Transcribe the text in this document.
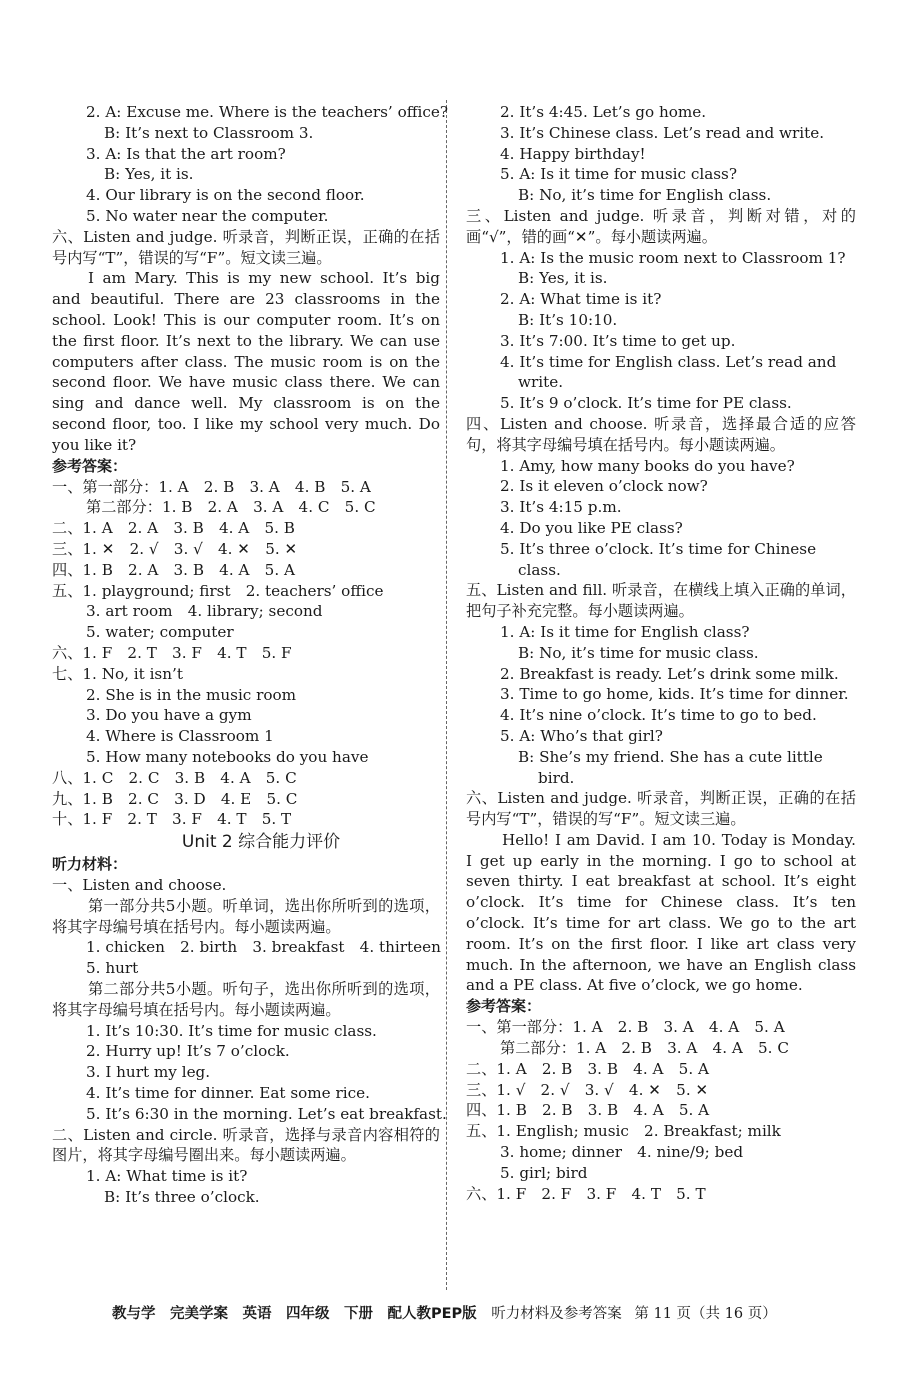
2. A: Excuse me. Where is the teachers’ office?
B: It’s next to Classroom 3.
3. A: Is that the art room?
B: Yes, it is.
4. Our library is on the second floor.
5. No water near the computer.
六、Listen and judge. 听录音，判断正误，正确的在括号内写“T”，错误的写“F”。短文读三遍。
I am Mary. This is my new school. It’s big and beautiful. There are 23 classrooms in the school. Look! This is our computer room. It’s on the first floor. It’s next to the library. We can use computers after class. The music room is on the second floor. We have music class there. We can sing and dance well. My classroom is on the second floor, too. I like my school very much. Do you like it?
参考答案：
一、第一部分：1. A　2. B　3. A　4. B　5. A
第二部分：1. B　2. A　3. A　4. C　5. C
二、1. A　2. A　3. B　4. A　5. B
三、1. ✕　2. √　3. √　4. ✕　5. ✕
四、1. B　2. A　3. B　4. A　5. A
五、1. playground; first　2. teachers’ office
3. art room　4. library; second
5. water; computer
六、1. F　2. T　3. F　4. T　5. F
七、1. No, it isn’t
2. She is in the music room
3. Do you have a gym
4. Where is Classroom 1
5. How many notebooks do you have
八、1. C　2. C　3. B　4. A　5. C
九、1. B　2. C　3. D　4. E　5. C
十、1. F　2. T　3. F　4. T　5. T
Unit 2 综合能力评价
听力材料：
一、Listen and choose.
第一部分共5小题。听单词，选出你所听到的选项，将其字母编号填在括号内。每小题读两遍。
1. chicken　2. birth　3. breakfast　4. thirteen
5. hurt
第二部分共5小题。听句子，选出你所听到的选项，将其字母编号填在括号内。每小题读两遍。
1. It’s 10:30. It’s time for music class.
2. Hurry up! It’s 7 o’clock.
3. I hurt my leg.
4. It’s time for dinner. Eat some rice.
5. It’s 6:30 in the morning. Let’s eat breakfast.
二、Listen and circle. 听录音，选择与录音内容相符的图片，将其字母编号圈出来。每小题读两遍。
1. A: What time is it?
B: It’s three o’clock.
2. It’s 4:45. Let’s go home.
3. It’s Chinese class. Let’s read and write.
4. Happy birthday!
5. A: Is it time for music class?
B: No, it’s time for English class.
三、Listen and judge. 听录音，判断对错，对的画“√”，错的画“✕”。每小题读两遍。
1. A: Is the music room next to Classroom 1?
B: Yes, it is.
2. A: What time is it?
B: It’s 10:10.
3. It’s 7:00. It’s time to get up.
4. It’s time for English class. Let’s read and
write.
5. It’s 9 o’clock. It’s time for PE class.
四、Listen and choose. 听录音，选择最合适的应答句，将其字母编号填在括号内。每小题读两遍。
1. Amy, how many books do you have?
2. Is it eleven o’clock now?
3. It’s 4:15 p.m.
4. Do you like PE class?
5. It’s three o’clock. It’s time for Chinese
class.
五、Listen and fill. 听录音，在横线上填入正确的单词，把句子补充完整。每小题读两遍。
1. A: Is it time for English class?
B: No, it’s time for music class.
2. Breakfast is ready. Let’s drink some milk.
3. Time to go home, kids. It’s time for dinner.
4. It’s nine o’clock. It’s time to go to bed.
5. A: Who’s that girl?
B: She’s my friend. She has a cute little
bird.
六、Listen and judge. 听录音，判断正误，正确的在括号内写“T”，错误的写“F”。短文读三遍。
Hello! I am David. I am 10. Today is Monday. I get up early in the morning. I go to school at seven thirty. I eat breakfast at school. It’s eight o’clock. It’s time for Chinese class. It’s ten o’clock. It’s time for art class. We go to the art room. It’s on the first floor. I like art class very much. In the afternoon, we have an English class and a PE class. At five o’clock, we go home.
参考答案：
一、第一部分：1. A　2. B　3. A　4. A　5. A
第二部分：1. A　2. B　3. A　4. A　5. C
二、1. A　2. B　3. B　4. A　5. A
三、1. √　2. √　3. √　4. ✕　5. ✕
四、1. B　2. B　3. B　4. A　5. A
五、1. English; music　2. Breakfast; milk
3. home; dinner　4. nine/9; bed
5. girl; bird
六、1. F　2. F　3. F　4. T　5. T
教与学　完美学案　英语　四年级　下册　配人教PEP版 听力材料及参考答案 第 11 页（共 16 页）
